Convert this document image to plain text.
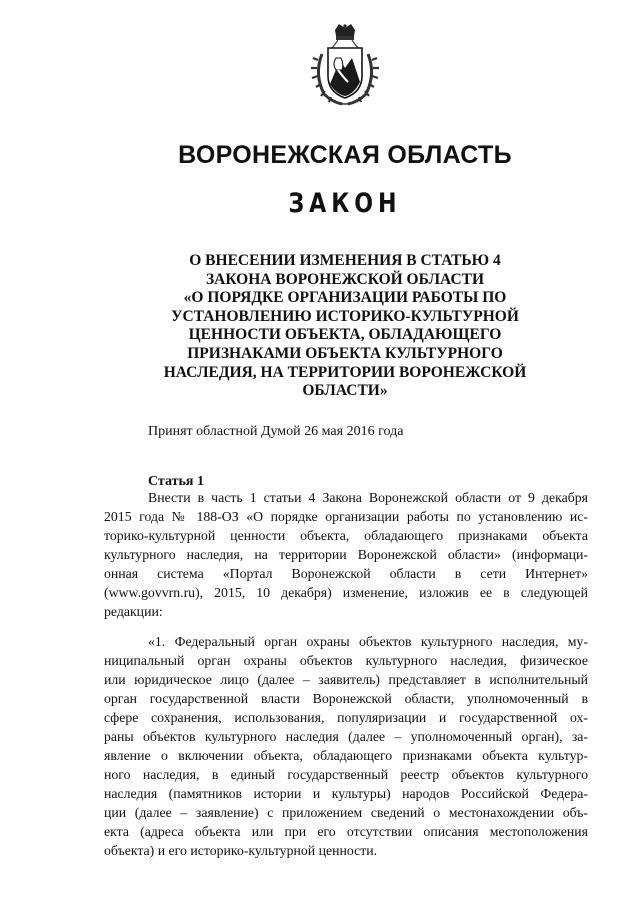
ВОРОНЕЖСКАЯ ОБЛАСТЬ
ЗАКОН
О ВНЕСЕНИИ ИЗМЕНЕНИЯ В СТАТЬЮ 4
ЗАКОНА ВОРОНЕЖСКОЙ ОБЛАСТИ
«О ПОРЯДКЕ ОРГАНИЗАЦИИ РАБОТЫ ПО
УСТАНОВЛЕНИЮ ИСТОРИКО-КУЛЬТУРНОЙ
ЦЕННОСТИ ОБЪЕКТА, ОБЛАДАЮЩЕГО
ПРИЗНАКАМИ ОБЪЕКТА КУЛЬТУРНОГО
НАСЛЕДИЯ, НА ТЕРРИТОРИИ ВОРОНЕЖСКОЙ
ОБЛАСТИ»
Принят областной Думой 26 мая 2016 года
Статья 1
Внести в часть 1 статьи 4 Закона Воронежской области от 9 декабря
2015 года № 188-ОЗ «О порядке организации работы по установлению ис-
торико-культурной ценности объекта, обладающего признаками объекта
культурного наследия, на территории Воронежской области» (информаци-
онная система «Портал Воронежской области в сети Интернет»
(www.govvrn.ru), 2015, 10 декабря) изменение, изложив ее в следующей
редакции:
«1. Федеральный орган охраны объектов культурного наследия, му-
ниципальный орган охраны объектов культурного наследия, физическое
или юридическое лицо (далее – заявитель) представляет в исполнительный
орган государственной власти Воронежской области, уполномоченный в
сфере сохранения, использования, популяризации и государственной ох-
раны объектов культурного наследия (далее – уполномоченный орган), за-
явление о включении объекта, обладающего признаками объекта культур-
ного наследия, в единый государственный реестр объектов культурного
наследия (памятников истории и культуры) народов Российской Федера-
ции (далее – заявление) с приложением сведений о местонахождении объ-
екта (адреса объекта или при его отсутствии описания местоположения
объекта) и его историко-культурной ценности.
